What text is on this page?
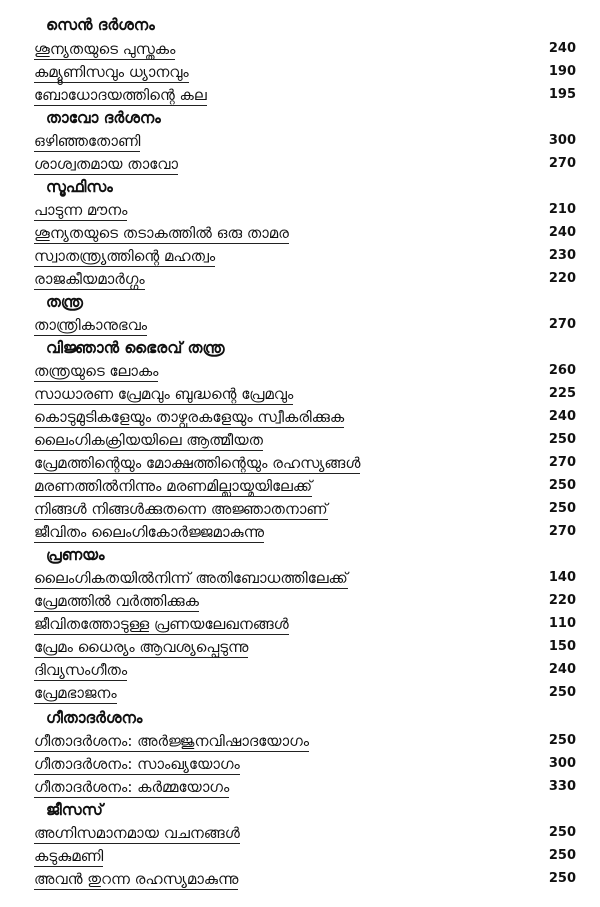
സെൻ ദർശനം
ശൂന്യതയുടെ പുസ്തകം	240
കമ്യൂണിസവും ധ്യാനവും	190
ബോധോദയത്തിന്റെ കല	195
താവോ ദർശനം
ഒഴിഞ്ഞതോണി	300
ശാശ്വതമായ താവോ	270
സൂഫിസം
പാടുന്ന മൗനം	210
ശൂന്യതയുടെ തടാകത്തിൽ ഒരു താമര	240
സ്വാതന്ത്ര്യത്തിന്റെ മഹത്വം	230
രാജകീയമാർഗ്ഗം	220
തന്ത്ര
താന്ത്രികാനുഭവം	270
വിജ്ഞാൻ ഭൈരവ് തന്ത്ര
തന്ത്രയുടെ ലോകം	260
സാധാരണ പ്രേമവും ബുദ്ധന്റെ പ്രേമവും	225
കൊടുമുടികളേയും താഴ്വരകളേയും സ്വീകരിക്കുക	240
ലൈംഗികക്രിയയിലെ ആത്മീയത	250
പ്രേമത്തിന്റെയും മോക്ഷത്തിന്റെയും രഹസ്യങ്ങൾ	270
മരണത്തിൽനിന്നും മരണമില്ലായ്മയിലേക്ക്	250
നിങ്ങൾ നിങ്ങൾക്കുതന്നെ അജ്ഞാതനാണ്	250
ജീവിതം ലൈംഗികോർജ്ജമാകുന്നു	270
പ്രണയം
ലൈംഗികതയിൽനിന്ന് അതിബോധത്തിലേക്ക്	140
പ്രേമത്തിൽ വർത്തിക്കുക	220
ജീവിതത്തോടുള്ള പ്രണയലേഖനങ്ങൾ	110
പ്രേമം ധൈര്യം ആവശ്യപ്പെടുന്നു	150
ദിവ്യസംഗീതം	240
പ്രേമഭാജനം	250
ഗീതാദർശനം
ഗീതാദർശനം: അർജ്ജുനവിഷാദയോഗം	250
ഗീതാദർശനം: സാംഖ്യയോഗം	300
ഗീതാദർശനം: കർമ്മയോഗം	330
ജീസസ്
അഗ്നിസമാനമായ വചനങ്ങൾ	250
കടുകുമണി	250
അവൻ തുറന്ന രഹസ്യമാകുന്നു	250
